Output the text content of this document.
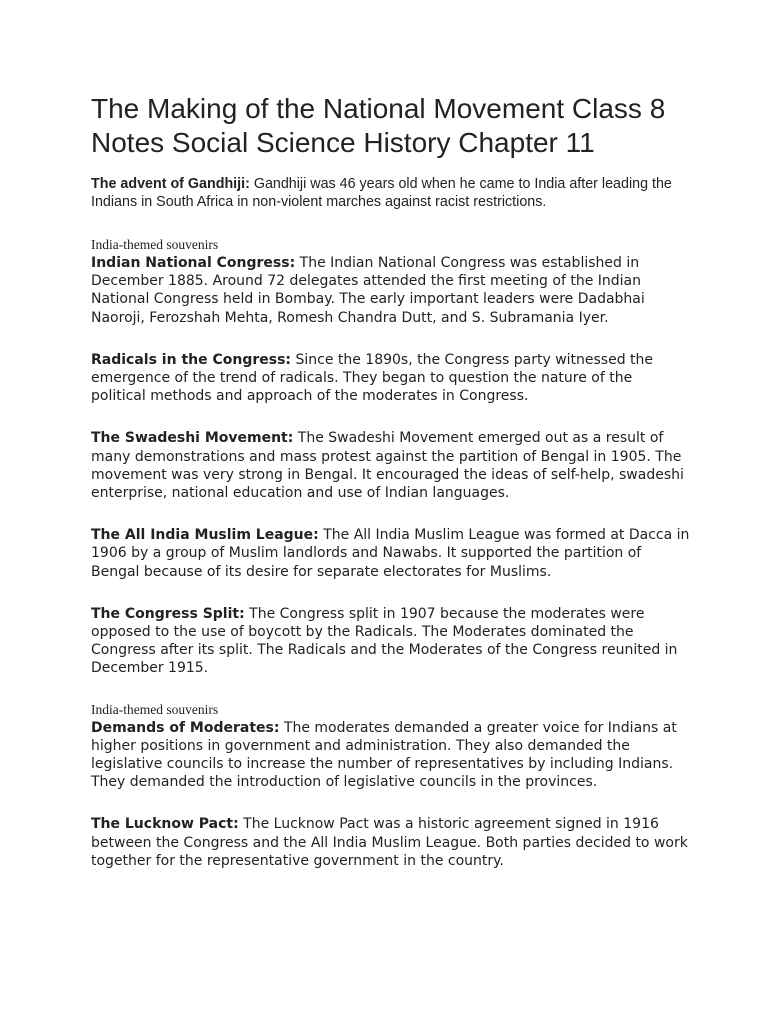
The Making of the National Movement Class 8 Notes Social Science History Chapter 11

The advent of Gandhiji: Gandhiji was 46 years old when he came to India after leading the Indians in South Africa in non-violent marches against racist restrictions.

India-themed souvenirs

Indian National Congress: The Indian National Congress was established in December 1885. Around 72 delegates attended the first meeting of the Indian National Congress held in Bombay. The early important leaders were Dadabhai Naoroji, Ferozshah Mehta, Romesh Chandra Dutt, and S. Subramania Iyer.

Radicals in the Congress: Since the 1890s, the Congress party witnessed the emergence of the trend of radicals. They began to question the nature of the political methods and approach of the moderates in Congress.

The Swadeshi Movement: The Swadeshi Movement emerged out as a result of many demonstrations and mass protest against the partition of Bengal in 1905. The movement was very strong in Bengal. It encouraged the ideas of self-help, swadeshi enterprise, national education and use of Indian languages.

The All India Muslim League: The All India Muslim League was formed at Dacca in 1906 by a group of Muslim landlords and Nawabs. It supported the partition of Bengal because of its desire for separate electorates for Muslims.

The Congress Split: The Congress split in 1907 because the moderates were opposed to the use of boycott by the Radicals. The Moderates dominated the Congress after its split. The Radicals and the Moderates of the Congress reunited in December 1915.

India-themed souvenirs

Demands of Moderates: The moderates demanded a greater voice for Indians at higher positions in government and administration. They also demanded the legislative councils to increase the number of representatives by including Indians. They demanded the introduction of legislative councils in the provinces.

The Lucknow Pact: The Lucknow Pact was a historic agreement signed in 1916 between the Congress and the All India Muslim League. Both parties decided to work together for the representative government in the country.
